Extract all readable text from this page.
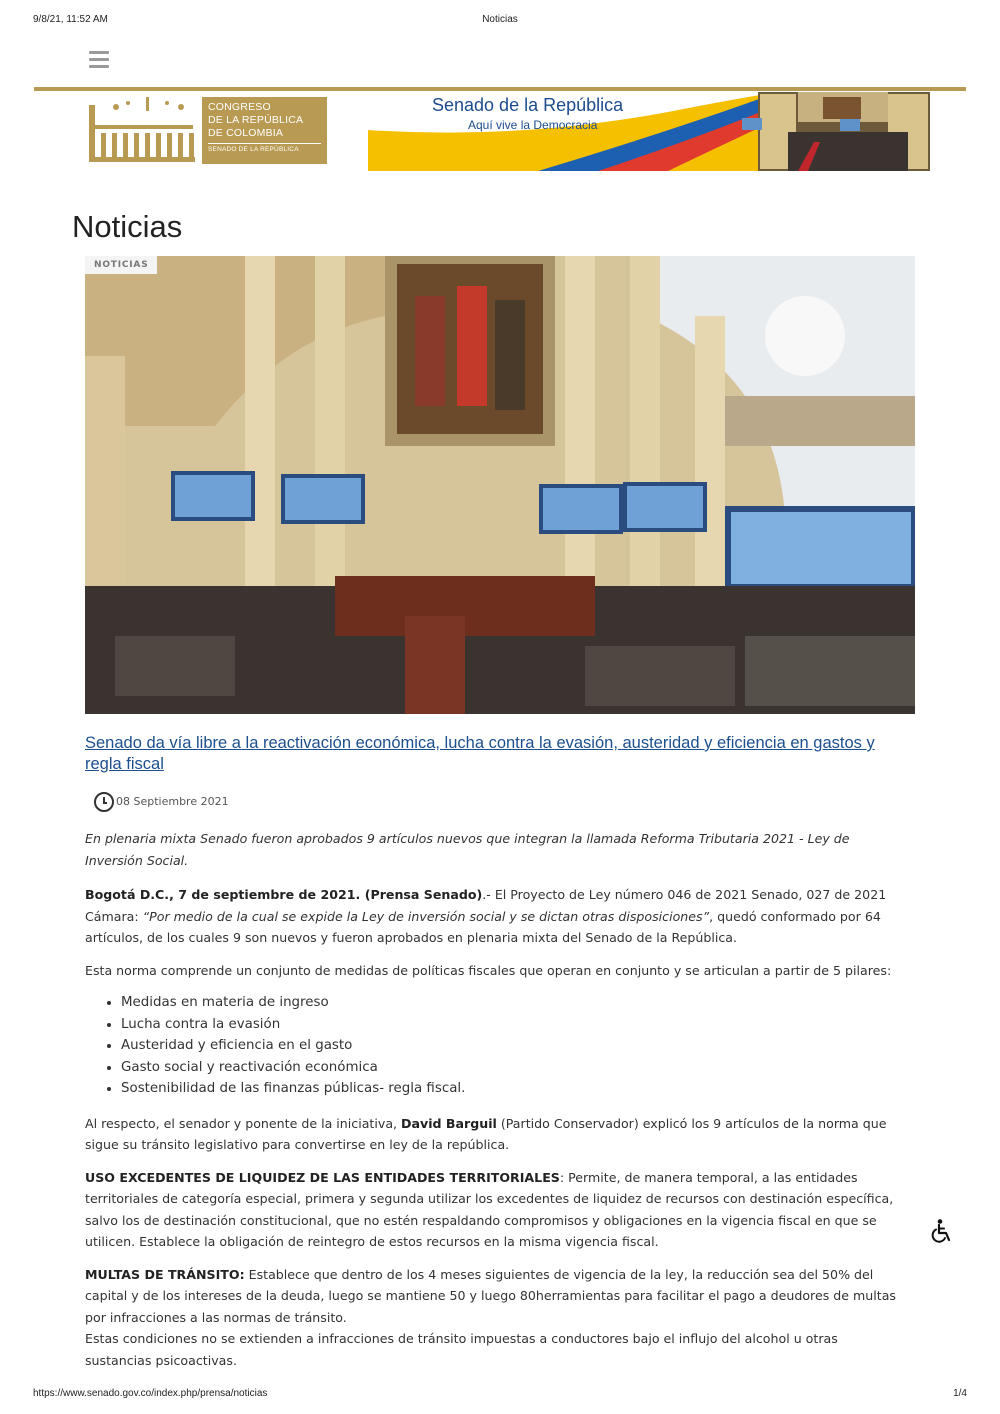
9/8/21, 11:52 AM	Noticias
CONGRESO
DE LA REPÚBLICA
DE COLOMBIA
SENADO DE LA REPÚBLICA
Senado de la República
Aquí vive la Democracia
Noticias
NOTICIAS
Senado da vía libre a la reactivación económica, lucha contra la evasión, austeridad y eficiencia en gastos y regla fiscal
08 Septiembre 2021

En plenaria mixta Senado fueron aprobados 9 artículos nuevos que integran la llamada Reforma Tributaria 2021 - Ley de Inversión Social.

Bogotá D.C., 7 de septiembre de 2021. (Prensa Senado).- El Proyecto de Ley número 046 de 2021 Senado, 027 de 2021 Cámara: “Por medio de la cual se expide la Ley de inversión social y se dictan otras disposiciones”, quedó conformado por 64 artículos, de los cuales 9 son nuevos y fueron aprobados en plenaria mixta del Senado de la República.

Esta norma comprende un conjunto de medidas de políticas fiscales que operan en conjunto y se articulan a partir de 5 pilares:

• Medidas en materia de ingreso
• Lucha contra la evasión
• Austeridad y eficiencia en el gasto
• Gasto social y reactivación económica
• Sostenibilidad de las finanzas públicas- regla fiscal.

Al respecto, el senador y ponente de la iniciativa, David Barguil (Partido Conservador) explicó los 9 artículos de la norma que sigue su tránsito legislativo para convertirse en ley de la república.

USO EXCEDENTES DE LIQUIDEZ DE LAS ENTIDADES TERRITORIALES: Permite, de manera temporal, a las entidades territoriales de categoría especial, primera y segunda utilizar los excedentes de liquidez de recursos con destinación específica, salvo los de destinación constitucional, que no estén respaldando compromisos y obligaciones en la vigencia fiscal en que se utilicen. Establece la obligación de reintegro de estos recursos en la misma vigencia fiscal.

MULTAS DE TRÁNSITO: Establece que dentro de los 4 meses siguientes de vigencia de la ley, la reducción sea del 50% del capital y de los intereses de la deuda, luego se mantiene 50 y luego 80herramientas para facilitar el pago a deudores de multas por infracciones a las normas de tránsito.

Estas condiciones no se extienden a infracciones de tránsito impuestas a conductores bajo el influjo del alcohol u otras sustancias psicoactivas.

https://www.senado.gov.co/index.php/prensa/noticias	1/4
